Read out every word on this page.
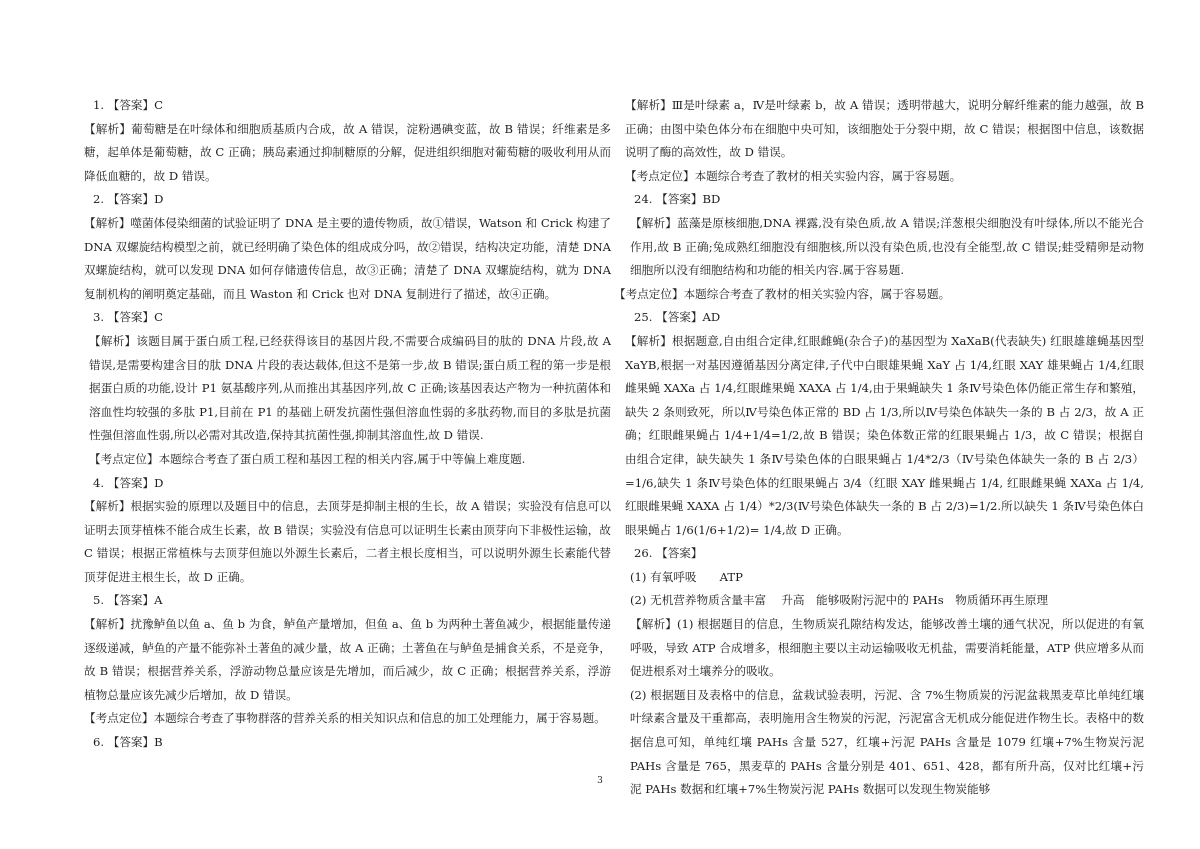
1. 【答案】C

【解析】葡萄糖是在叶绿体和细胞质基质内合成，故 A 错误，淀粉遇碘变蓝，故 B 错误；纤维素是多糖，起单体是葡萄糖，故 C 正确；胰岛素通过抑制糖原的分解，促进组织细胞对葡萄糖的吸收利用从而降低血糖的，故 D 错误。

2. 【答案】D

【解析】噬菌体侵染细菌的试验证明了 DNA 是主要的遗传物质，故①错误，Watson 和 Crick 构建了 DNA 双螺旋结构模型之前，就已经明确了染色体的组成成分吗，故②错误，结构决定功能，清楚 DNA 双螺旋结构，就可以发现 DNA 如何存储遗传信息，故③正确；清楚了 DNA 双螺旋结构，就为 DNA 复制机构的阐明奠定基础，而且 Waston 和 Crick 也对 DNA 复制进行了描述，故④正确。

3. 【答案】C

【解析】该题目属于蛋白质工程,已经获得该目的基因片段,不需要合成编码目的肽的 DNA 片段,故 A 错误,是需要构建含目的肽 DNA 片段的表达载体,但这不是第一步,故 B 错误;蛋白质工程的第一步是根据蛋白质的功能,设计 P1 氨基酸序列,从而推出其基因序列,故 C 正确;该基因表达产物为一种抗菌体和溶血性均较强的多肽 P1,目前在 P1 的基础上研发抗菌性强但溶血性弱的多肽药物,而目的多肽是抗菌性强但溶血性弱,所以必需对其改造,保持其抗菌性强,抑制其溶血性,故 D 错误.

【考点定位】本题综合考查了蛋白质工程和基因工程的相关内容,属于中等偏上难度题.

4. 【答案】D

【解析】根据实验的原理以及题目中的信息，去顶芽是抑制主根的生长，故 A 错误；实验没有信息可以证明去顶芽植株不能合成生长素，故 B 错误；实验没有信息可以证明生长素由顶芽向下非极性运输，故 C 错误；根据正常植株与去顶芽但施以外源生长素后，二者主根长度相当，可以说明外源生长素能代替顶芽促进主根生长，故 D 正确。

5. 【答案】A

【解析】扰豫鲈鱼以鱼 a、鱼 b 为食，鲈鱼产量增加，但鱼 a、鱼 b 为两种土著鱼减少，根据能量传递逐级递减，鲈鱼的产量不能弥补土著鱼的减少量，故 A 正确；土著鱼在与鲈鱼是捕食关系，不是竞争，故 B 错误；根据营养关系，浮游动物总量应该是先增加，而后减少，故 C 正确；根据营养关系，浮游植物总量应该先减少后增加，故 D 错误。

【考点定位】本题综合考查了事物群落的营养关系的相关知识点和信息的加工处理能力，属于容易题。

6. 【答案】B

【解析】Ⅲ是叶绿素 a，Ⅳ是叶绿素 b，故 A 错误；透明带越大，说明分解纤维素的能力越强，故 B 正确；由图中染色体分布在细胞中央可知，该细胞处于分裂中期，故 C 错误；根据图中信息，该数据说明了酶的高效性，故 D 错误。

【考点定位】本题综合考查了教材的相关实验内容，属于容易题。

24. 【答案】BD

【解析】蓝藻是原核细胞,DNA 裸露,没有染色质,故 A 错误;洋葱根尖细胞没有叶绿体,所以不能光合作用,故 B 正确;兔成熟红细胞没有细胞核,所以没有染色质,也没有全能型,故 C 错误;蛙受精卵是动物细胞所以没有细胞结构和功能的相关内容.属于容易题.

【考点定位】本题综合考查了教材的相关实验内容，属于容易题。

25. 【答案】AD

【解析】根据题意,自由组合定律,红眼雌蝇(杂合子)的基因型为 XaXaB(代表缺失) 红眼雄雄蝇基因型 XaYB,根据一对基因遵循基因分离定律,子代中白眼雄果蝇 XaY 占 1/4,红眼 XAY 雄果蝇占 1/4,红眼雌果蝇 XAXa 占 1/4,红眼雌果蝇 XAXA 占 1/4,由于果蝇缺失 1 条Ⅳ号染色体仍能正常生存和繁殖，缺失 2 条则致死，所以Ⅳ号染色体正常的 BD 占 1/3,所以Ⅳ号染色体缺失一条的 B 占 2/3，故 A 正确；红眼雌果蝇占 1/4+1/4=1/2,故 B 错误；染色体数正常的红眼果蝇占 1/3，故 C 错误；根据自由组合定律，缺失缺失 1 条Ⅳ号染色体的白眼果蝇占 1/4*2/3（Ⅳ号染色体缺失一条的 B 占 2/3）=1/6,缺失 1 条Ⅳ号染色体的红眼果蝇占 3/4（红眼 XAY 雌果蝇占 1/4, 红眼雌果蝇 XAXa 占 1/4, 红眼雌果蝇 XAXA 占 1/4）*2/3(Ⅳ号染色体缺失一条的 B 占 2/3)=1/2.所以缺失 1 条Ⅳ号染色体白眼果蝇占 1/6(1/6+1/2)= 1/4,故 D 正确。

26. 【答案】

(1) 有氧呼吸　　ATP

(2) 无机营养物质含量丰富　 升高　能够吸附污泥中的 PAHs　物质循环再生原理

【解析】(1) 根据题目的信息，生物质炭孔隙结构发达，能够改善土壤的通气状况，所以促进的有氧呼吸，导致 ATP 合成增多，根细胞主要以主动运输吸收无机盐，需要消耗能量，ATP 供应增多从而促进根系对土壤养分的吸收。

(2) 根据题目及表格中的信息，盆栽试验表明，污泥、含 7%生物质炭的污泥盆栽黑麦草比单纯红壤叶绿素含量及干重都高，表明施用含生物炭的污泥，污泥富含无机成分能促进作物生长。表格中的数据信息可知，单纯红壤 PAHs 含量 527，红壤+污泥 PAHs 含量是 1079 红壤+7%生物炭污泥 PAHs 含量是 765，黑麦草的 PAHs 含量分别是 401、651、428，都有所升高，仅对比红壤+污泥 PAHs 数据和红壤+7%生物炭污泥 PAHs 数据可以发现生物炭能够

3
